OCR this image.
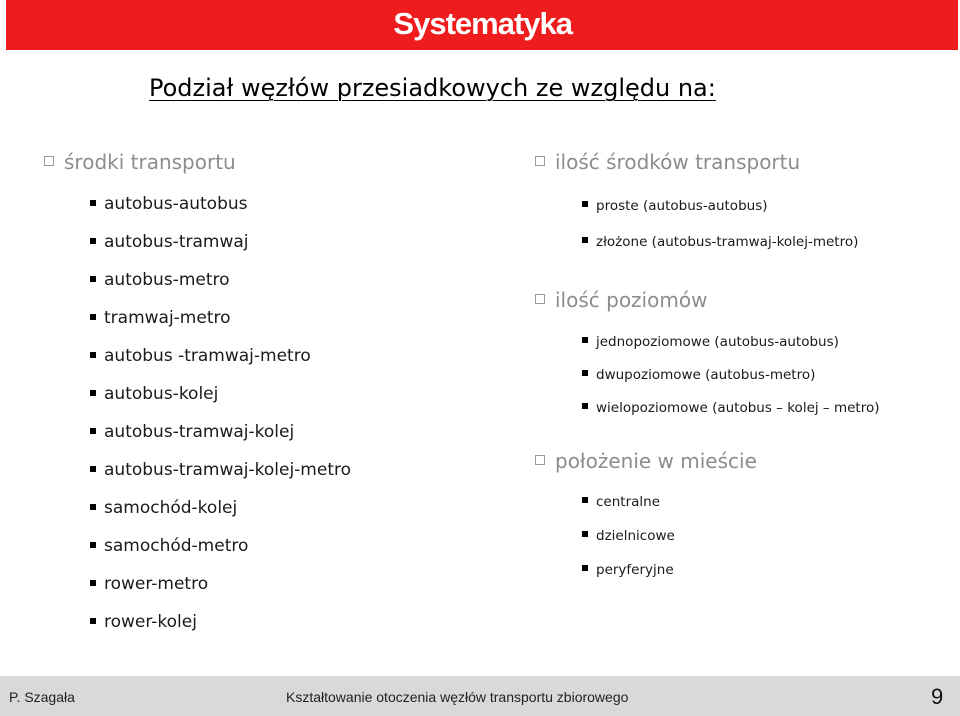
Systematyka
Podział węzłów przesiadkowych ze względu na:
środki transportu
autobus-autobus
autobus-tramwaj
autobus-metro
tramwaj-metro
autobus -tramwaj-metro
autobus-kolej
autobus-tramwaj-kolej
autobus-tramwaj-kolej-metro
samochód-kolej
samochód-metro
rower-metro
rower-kolej
ilość środków transportu
proste (autobus-autobus)
złożone (autobus-tramwaj-kolej-metro)
ilość poziomów
jednopoziomowe (autobus-autobus)
dwupoziomowe (autobus-metro)
wielopoziomowe (autobus – kolej – metro)
położenie w mieście
centralne
dzielnicowe
peryferyjne
P. Szagała	Kształtowanie otoczenia węzłów transportu zbiorowego	9
